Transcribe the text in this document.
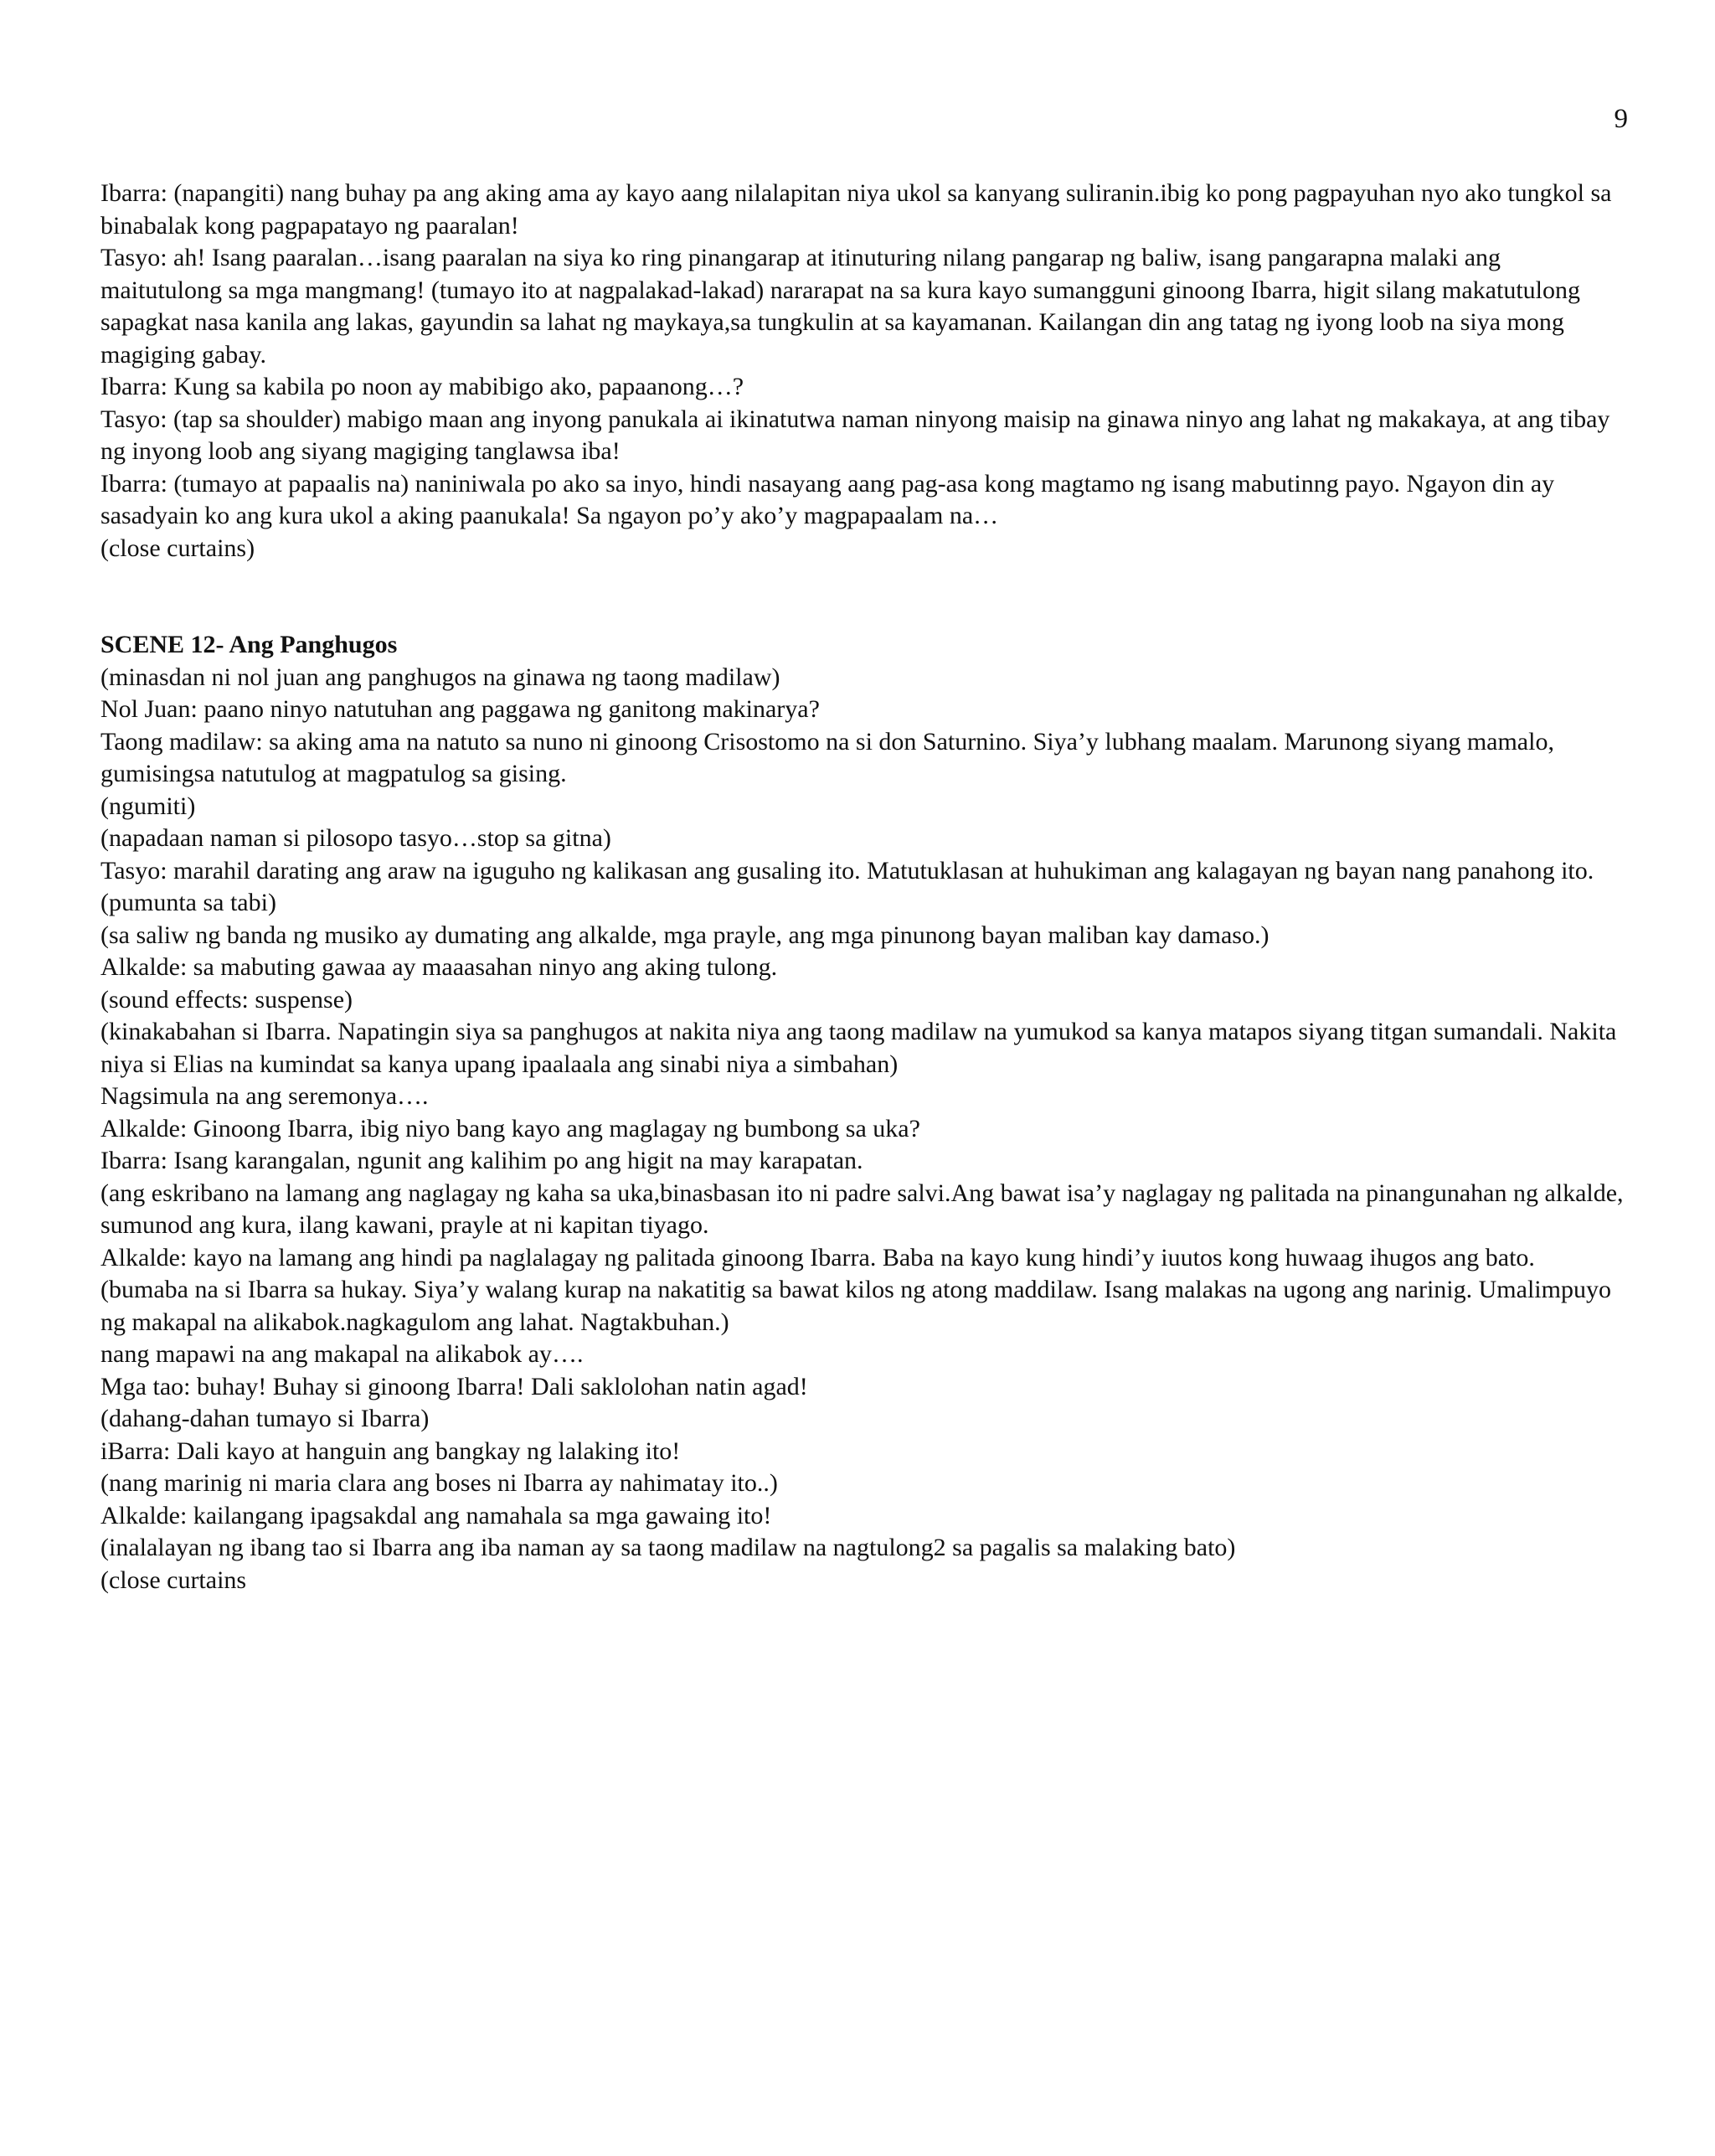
9

Ibarra: (napangiti) nang buhay pa ang aking ama ay kayo aang nilalapitan niya ukol sa kanyang suliranin.ibig ko pong pagpayuhan nyo ako tungkol sa binabalak kong pagpapatayo ng paaralan!

Tasyo: ah! Isang paaralan…isang paaralan na siya ko ring pinangarap at itinuturing nilang pangarap ng baliw, isang pangarapna malaki ang maitutulong sa mga mangmang! (tumayo ito at nagpalakad-lakad) nararapat na sa kura kayo sumangguni ginoong Ibarra, higit silang makatutulong sapagkat nasa kanila ang lakas, gayundin sa lahat ng maykaya,sa tungkulin at sa kayamanan. Kailangan din ang tatag ng iyong loob na siya mong magiging gabay.

Ibarra: Kung sa kabila po noon ay mabibigo ako, papaanong…?

Tasyo: (tap sa shoulder) mabigo maan ang inyong panukala ai ikinatutwa naman ninyong maisip na ginawa ninyo ang lahat ng makakaya, at ang tibay ng inyong loob ang siyang magiging tanglawsa iba!

Ibarra: (tumayo at papaalis na) naniniwala po ako sa inyo, hindi nasayang aang pag-asa kong magtamo ng isang mabutinng payo. Ngayon din ay sasadyain ko ang kura ukol a aking paanukala! Sa ngayon po’y ako’y magpapaalam na…

(close curtains)

SCENE 12- Ang Panghugos

(minasdan ni nol juan ang panghugos na ginawa ng taong madilaw)

Nol Juan: paano ninyo natutuhan ang paggawa ng ganitong makinarya?

Taong madilaw: sa aking ama na natuto sa nuno ni ginoong Crisostomo na si don Saturnino. Siya’y lubhang maalam. Marunong siyang mamalo, gumisingsa natutulog at magpatulog sa gising.

(ngumiti)

(napadaan naman si pilosopo tasyo…stop sa gitna)

Tasyo: marahil darating ang araw na iguguho ng kalikasan ang gusaling ito. Matutuklasan at huhukiman ang kalagayan ng bayan nang panahong ito. (pumunta sa tabi)

(sa saliw ng banda ng musiko ay dumating ang alkalde, mga prayle, ang mga pinunong bayan maliban kay damaso.)

Alkalde: sa mabuting gawaa ay maaasahan ninyo ang aking tulong.

(sound effects: suspense)

(kinakabahan si Ibarra. Napatingin siya sa panghugos at nakita niya ang taong madilaw na yumukod sa kanya matapos siyang titgan sumandali. Nakita niya si Elias na kumindat sa kanya upang ipaalaala ang sinabi niya a simbahan)

Nagsimula na ang seremonya….

Alkalde: Ginoong Ibarra, ibig niyo bang kayo ang maglagay ng bumbong sa uka?

Ibarra: Isang karangalan, ngunit ang kalihim po ang higit na may karapatan.

(ang eskribano na lamang ang naglagay ng kaha sa uka,binasbasan ito ni padre salvi.Ang bawat isa’y naglagay ng palitada na pinangunahan ng alkalde, sumunod ang kura, ilang kawani, prayle at ni kapitan tiyago.

Alkalde: kayo na lamang ang hindi pa naglalagay ng palitada ginoong Ibarra. Baba na kayo kung hindi’y iuutos kong huwaag ihugos ang bato.

(bumaba na si Ibarra sa hukay. Siya’y walang kurap na nakatitig sa bawat kilos ng atong maddilaw. Isang malakas na ugong ang narinig. Umalimpuyo ng makapal na alikabok.nagkagulom ang lahat. Nagtakbuhan.)

nang mapawi na ang makapal na alikabok ay….

Mga tao: buhay! Buhay si ginoong Ibarra! Dali saklolohan natin agad!

(dahang-dahan tumayo si Ibarra)

iBarra: Dali kayo at hanguin ang bangkay ng lalaking ito!

(nang marinig ni maria clara ang boses ni Ibarra ay nahimatay ito..)

Alkalde: kailangang ipagsakdal ang namahala sa mga gawaing ito!

(inalalayan ng ibang tao si Ibarra ang iba naman ay sa taong madilaw na nagtulong2 sa pagalis sa malaking bato)

(close curtains
